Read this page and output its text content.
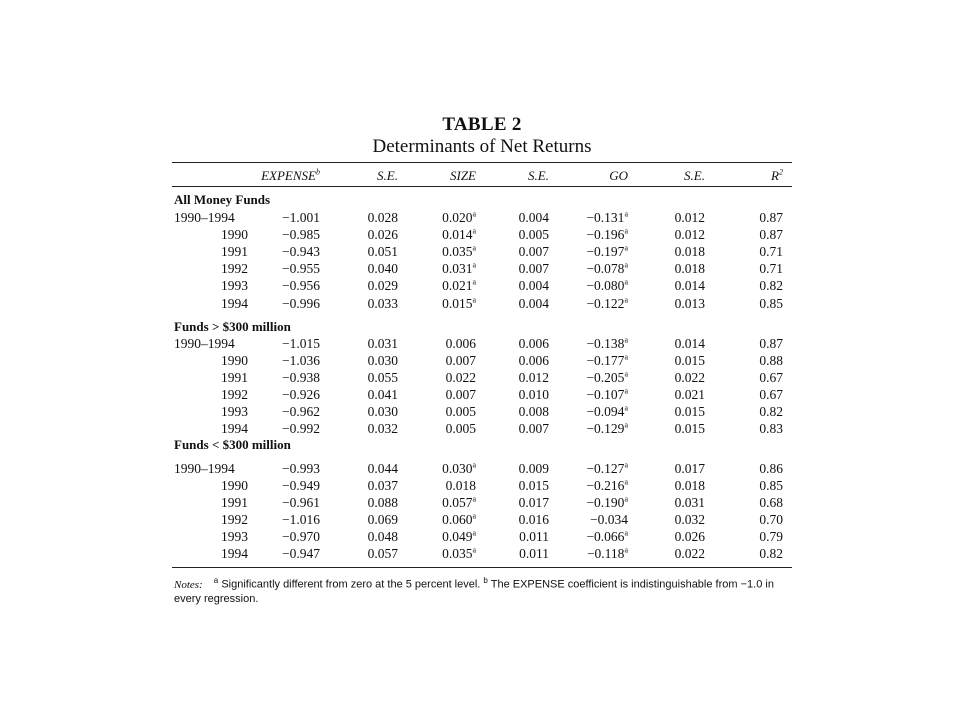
TABLE 2
Determinants of Net Returns
EXPENSE$^b$	S.E.	SIZE	S.E.	GO	S.E.	$R^2$
All Money Funds
1990–1994	−1.001	0.028	0.020$^a$	0.004	−0.131$^a$	0.012	0.87
1990	−0.985	0.026	0.014$^a$	0.005	−0.196$^a$	0.012	0.87
1991	−0.943	0.051	0.035$^a$	0.007	−0.197$^a$	0.018	0.71
1992	−0.955	0.040	0.031$^a$	0.007	−0.078$^a$	0.018	0.71
1993	−0.956	0.029	0.021$^a$	0.004	−0.080$^a$	0.014	0.82
1994	−0.996	0.033	0.015$^a$	0.004	−0.122$^a$	0.013	0.85
Funds > $300 million
1990–1994	−1.015	0.031	0.006	0.006	−0.138$^a$	0.014	0.87
1990	−1.036	0.030	0.007	0.006	−0.177$^a$	0.015	0.88
1991	−0.938	0.055	0.022	0.012	−0.205$^a$	0.022	0.67
1992	−0.926	0.041	0.007	0.010	−0.107$^a$	0.021	0.67
1993	−0.962	0.030	0.005	0.008	−0.094$^a$	0.015	0.82
1994	−0.992	0.032	0.005	0.007	−0.129$^a$	0.015	0.83
Funds < $300 million
1990–1994	−0.993	0.044	0.030$^a$	0.009	−0.127$^a$	0.017	0.86
1990	−0.949	0.037	0.018	0.015	−0.216$^a$	0.018	0.85
1991	−0.961	0.088	0.057$^a$	0.017	−0.190$^a$	0.031	0.68
1992	−1.016	0.069	0.060$^a$	0.016	−0.034	0.032	0.70
1993	−0.970	0.048	0.049$^a$	0.011	−0.066$^a$	0.026	0.79
1994	−0.947	0.057	0.035$^a$	0.011	−0.118$^a$	0.022	0.82
Notes: $^a$ Significantly different from zero at the 5 percent level. $^b$ The EXPENSE coefficient is indistinguishable from −1.0 in every regression.
